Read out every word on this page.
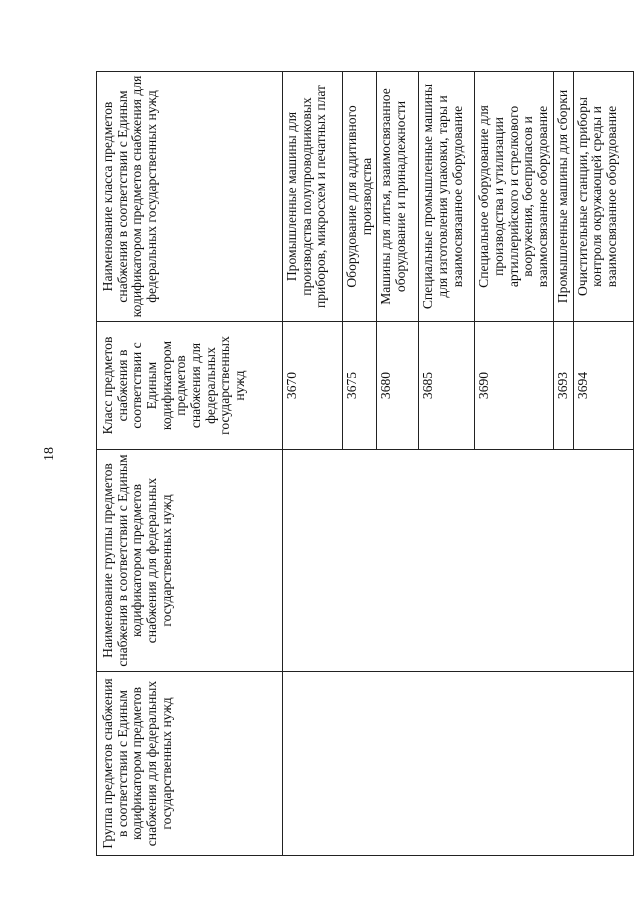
18
Группа предметов снабжения в соответствии с Единым кодификатором предметов снабжения для федеральных государственных нужд	Наименование группы предметов снабжения в соответствии с Единым кодификатором предметов снабжения для федеральных государственных нужд	Класс предметов снабжения в соответствии с Единым кодификатором предметов снабжения для федеральных государственных нужд	Наименование класса предметов снабжения в соответствии с Единым кодификатором предметов снабжения для федеральных государственных нужд
		3670	Промышленные машины для производства полупроводниковых приборов, микросхем и печатных плат
		3675	Оборудование для аддитивного производства
		3680	Машины для литья, взаимосвязанное оборудование и принадлежности
		3685	Специальные промышленные машины для изготовления упаковки, тары и взаимосвязанное оборудование
		3690	Специальное оборудование для производства и утилизации артиллерийского и стрелкового вооружения, боеприпасов и взаимосвязанное оборудование
		3693	Промышленные машины для сборки
		3694	Очистительные станции, приборы контроля окружающей среды и взаимосвязанное оборудование
